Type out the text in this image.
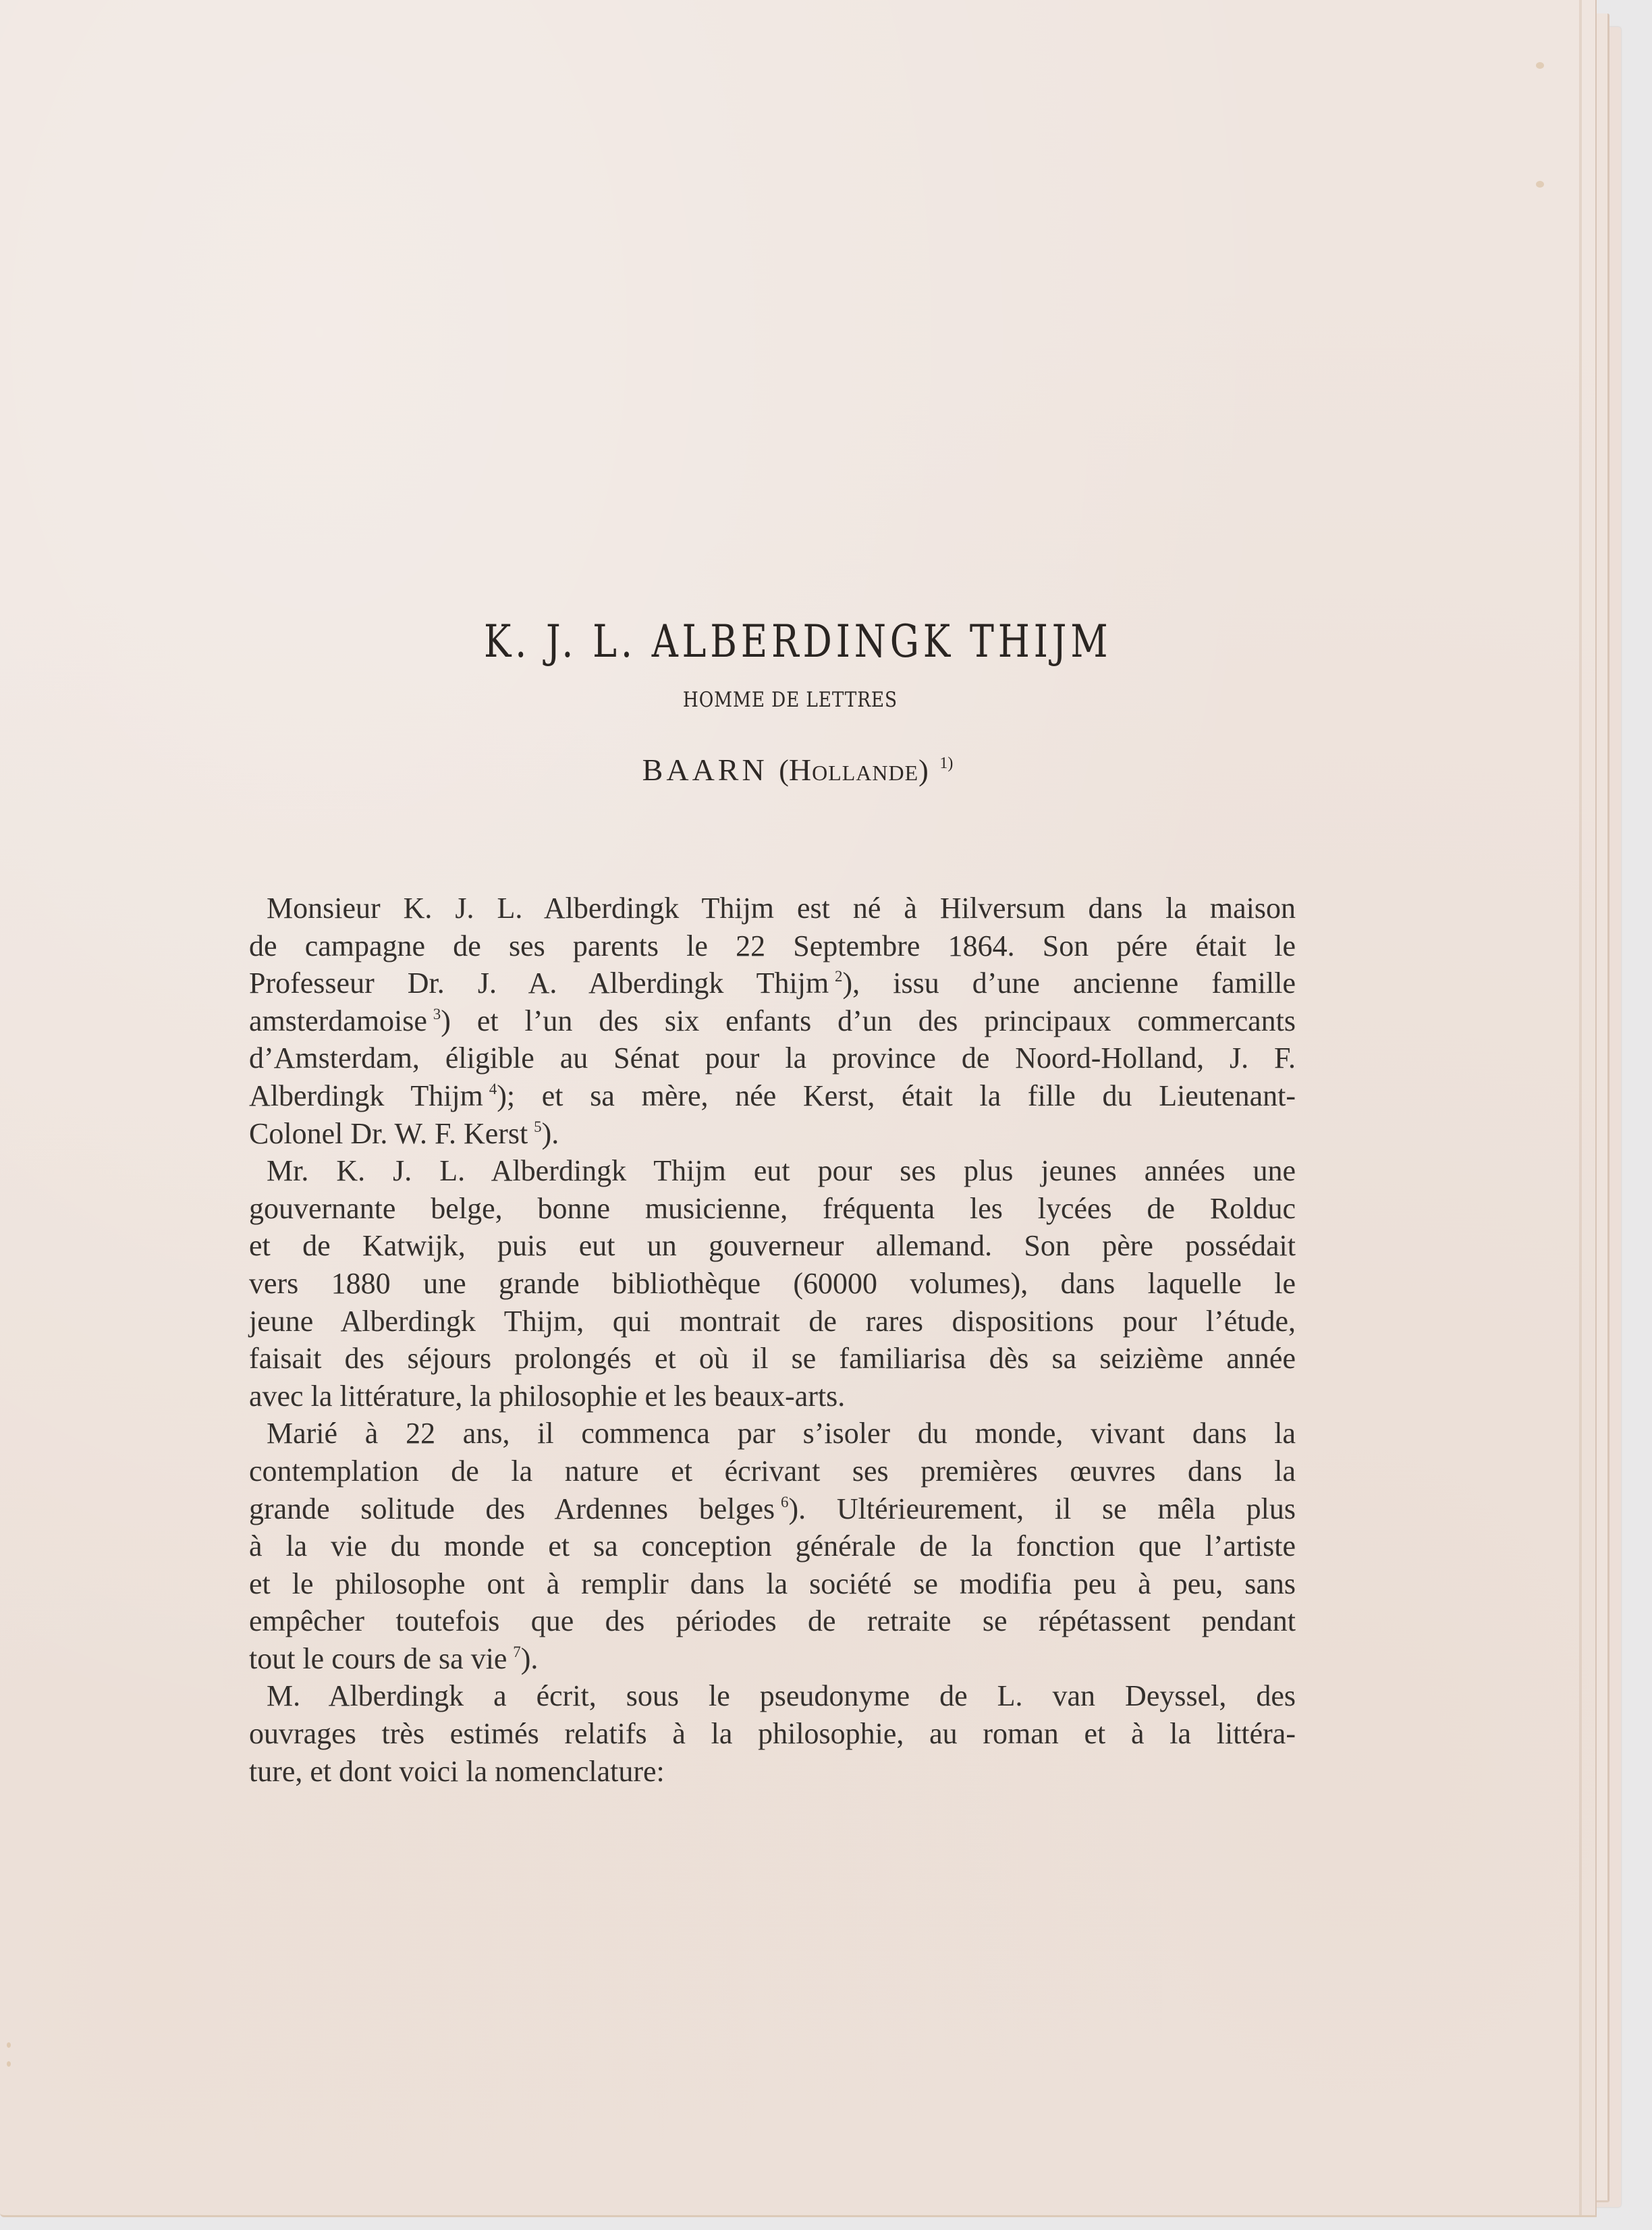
K. J. L. ALBERDINGK THIJM
HOMME DE LETTRES
BAARN (Hollande) $^{1)}$

Monsieur K. J. L. Alberdingk Thijm est né à Hilversum dans la maison
de campagne de ses parents le 22 Septembre 1864. Son pére était le
Professeur Dr. J. A. Alberdingk Thijm  $^2$), issu d’une ancienne famille
amsterdamoise  $^3$) et l’un des six enfants d’un des principaux commercants
d’Amsterdam, éligible au Sénat pour la province de Noord-Holland, J. F.
Alberdingk Thijm  $^4$); et sa mère, née Kerst, était la fille du Lieutenant-
Colonel Dr. W. F. Kerst  $^5$).

Mr. K. J. L. Alberdingk Thijm eut pour ses plus jeunes années une
gouvernante belge, bonne musicienne, fréquenta les lycées de Rolduc
et de Katwijk, puis eut un gouverneur allemand. Son père possédait
vers 1880 une grande bibliothèque (60000 volumes), dans laquelle le
jeune Alberdingk Thijm, qui montrait de rares dispositions pour l’étude,
faisait des séjours prolongés et où il se familiarisa dès sa seizième année
avec la littérature, la philosophie et les beaux-arts.

Marié à 22 ans, il commenca par s’isoler du monde, vivant dans la
contemplation de la nature et écrivant ses premières œuvres dans la
grande solitude des Ardennes belges  $^6$). Ultérieurement, il se mêla plus
à la vie du monde et sa conception générale de la fonction que l’artiste
et le philosophe ont à remplir dans la société se modifia peu à peu, sans
empêcher toutefois que des périodes de retraite se répétassent pendant
tout le cours de sa vie  $^7$).

M. Alberdingk a écrit, sous le pseudonyme de L. van Deyssel, des
ouvrages très estimés relatifs à la philosophie, au roman et à la littéra-
ture, et dont voici la nomenclature:
